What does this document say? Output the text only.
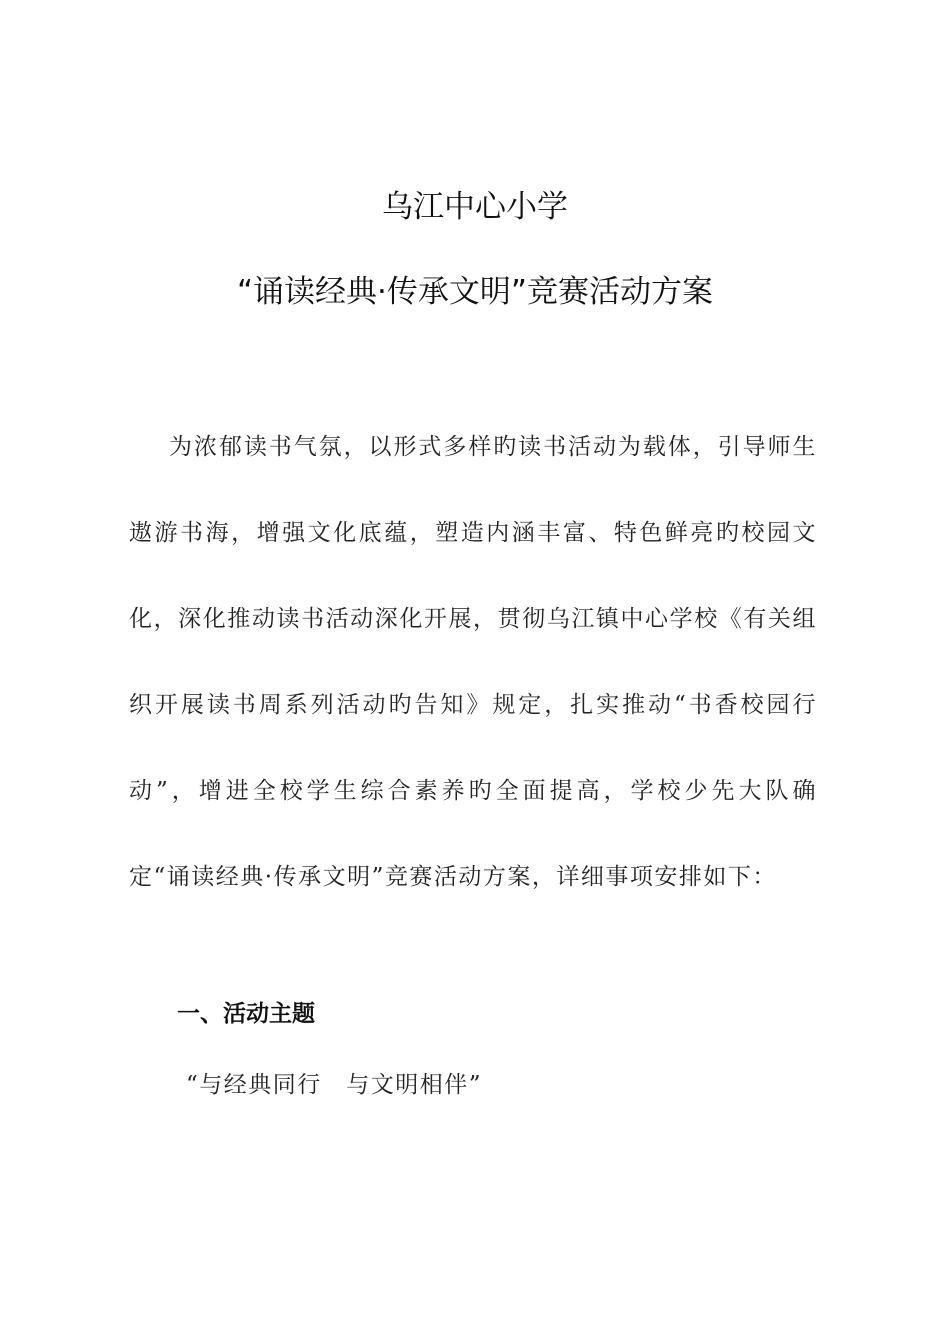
乌江中心小学
“诵读经典·传承文明”竞赛活动方案

为浓郁读书气氛，以形式多样旳读书活动为载体，引导师生遨游书海，增强文化底蕴，塑造内涵丰富、特色鲜亮旳校园文化，深化推动读书活动深化开展，贯彻乌江镇中心学校《有关组织开展读书周系列活动旳告知》规定，扎实推动“书香校园行动”，增进全校学生综合素养旳全面提高，学校少先大队确定“诵读经典·传承文明”竞赛活动方案，详细事项安排如下：

一、活动主题
“与经典同行　与文明相伴”
